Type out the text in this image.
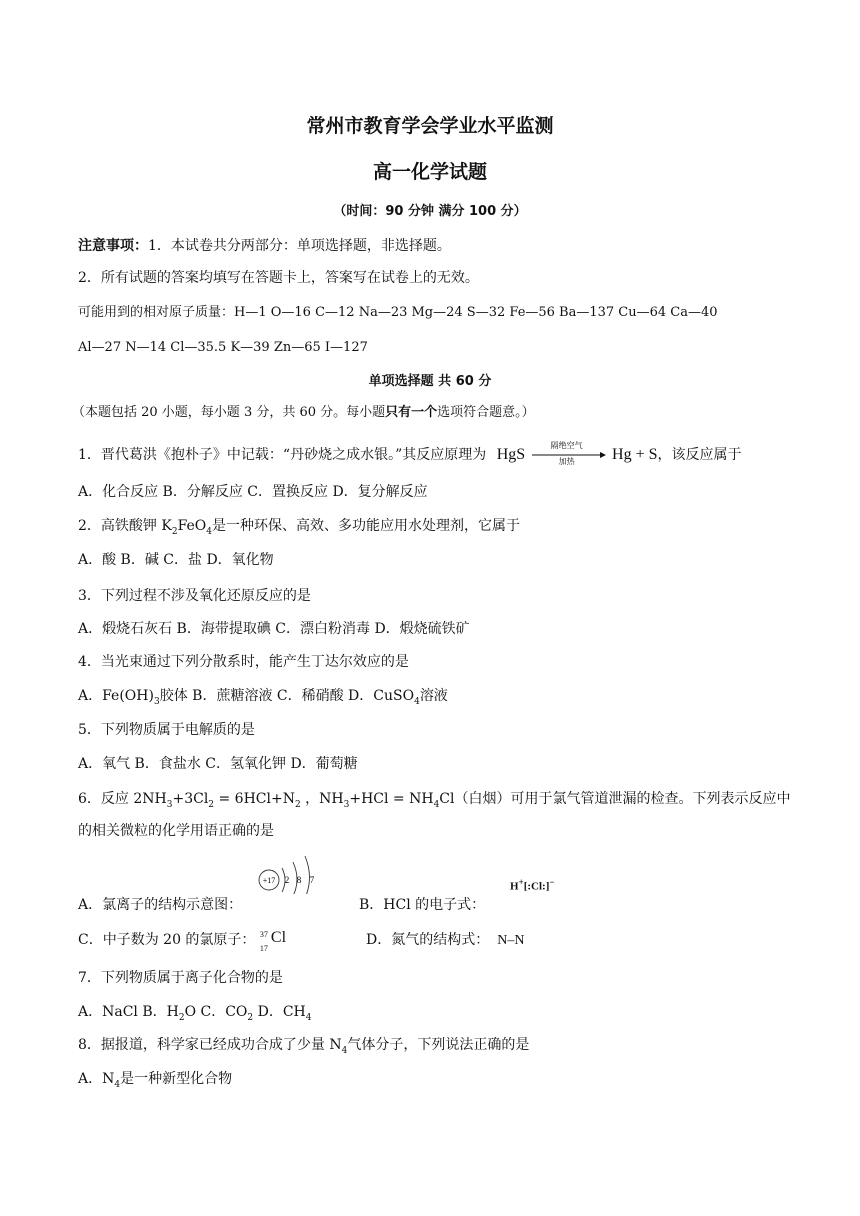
常州市教育学会学业水平监测
高一化学试题
（时间：90 分钟 满分 100 分）
注意事项：1．本试卷共分两部分：单项选择题，非选择题。
2．所有试题的答案均填写在答题卡上，答案写在试卷上的无效。
可能用到的相对原子质量：H—1 O—16 C—12 Na—23 Mg—24 S—32 Fe—56 Ba—137 Cu—64 Ca—40
Al—27 N—14 Cl—35.5 K—39 Zn—65 I—127
单项选择题 共 60 分
（本题包括 20 小题，每小题 3 分，共 60 分。每小题只有一个选项符合题意。）
1．晋代葛洪《抱朴子》中记载：“丹砂烧之成水银。”其反应原理为 HgS
隔绝空气
加热	Hg + S，该反应属于
A．化合反应 B．分解反应 C．置换反应 D．复分解反应
2．高铁酸钾 $K_2FeO_4$是一种环保、高效、多功能应用水处理剂，它属于
A．酸 B．碱 C．盐 D．氧化物
3．下列过程不涉及氧化还原反应的是
A．煅烧石灰石 B．海带提取碘 C．漂白粉消毒 D．煅烧硫铁矿
4．当光束通过下列分散系时，能产生丁达尔效应的是
A．$Fe(OH)_3$胶体 B．蔗糖溶液 C．稀硝酸 D．CuSO$_4$溶液
5．下列物质属于电解质的是
A．氧气 B．食盐水 C．氢氧化钾 D．葡萄糖
6．反应 $2NH_3+3Cl_2 = 6HCl+N_2$ ，$NH_3+HCl = NH_4Cl$（白烟）可用于氯气管道泄漏的检查。下列表示反应中
的相关微粒的化学用语正确的是
A．氯离子的结构示意图：
+17 2 8 7
B．HCl 的电子式：
H+[:Cl:]−
C．中子数为 20 的氯原子： 37
17
Cl	D．氮气的结构式： N–N
7．下列物质属于离子化合物的是
A．NaCl B．$H_2O$ C．$CO_2$ D．$CH_4$
8．据报道，科学家已经成功合成了少量 $N_4$气体分子，下列说法正确的是
A．$N_4$是一种新型化合物
